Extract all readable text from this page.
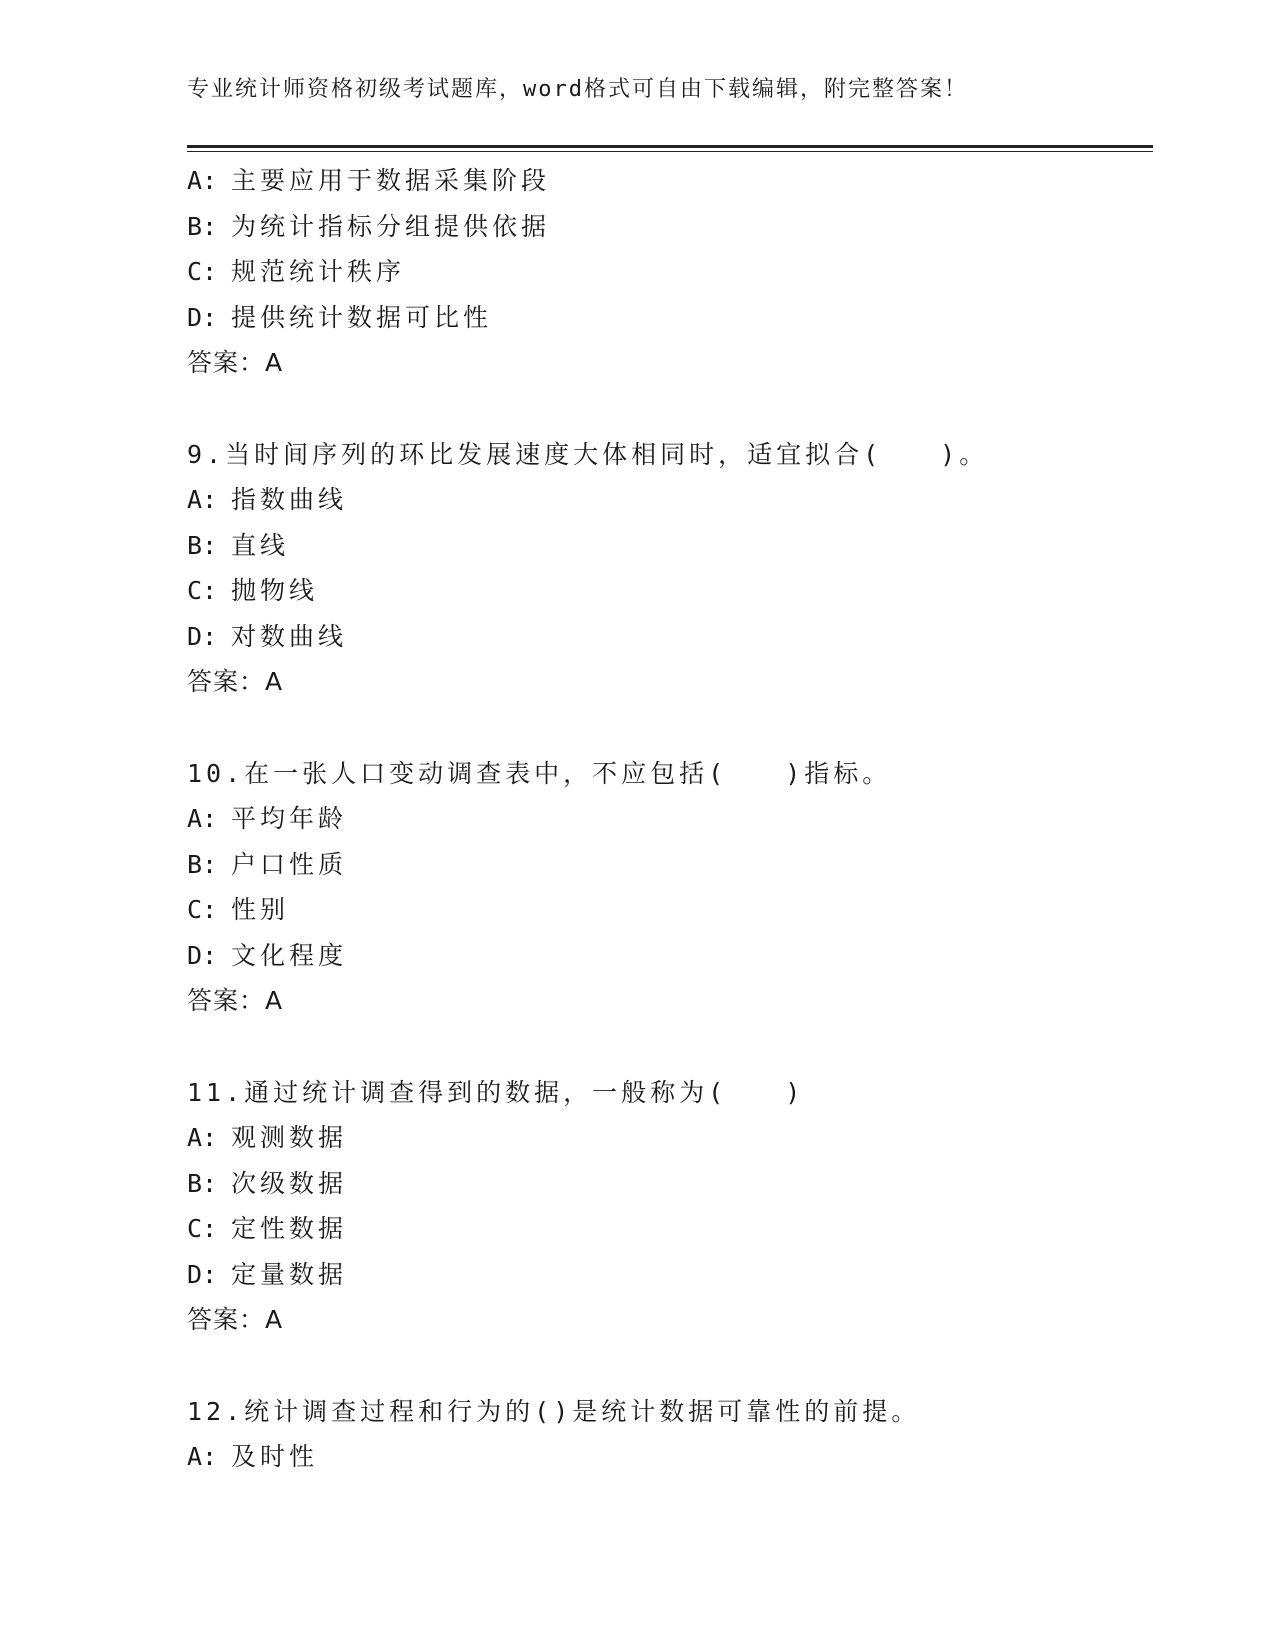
专业统计师资格初级考试题库，word格式可自由下载编辑，附完整答案！
A: 主要应用于数据采集阶段
B: 为统计指标分组提供依据
C: 规范统计秩序
D: 提供统计数据可比性
答案：A
9.当时间序列的环比发展速度大体相同时，适宜拟合(　　)。
A: 指数曲线
B: 直线
C: 抛物线
D: 对数曲线
答案：A
10.在一张人口变动调查表中，不应包括(　　)指标。
A: 平均年龄
B: 户口性质
C: 性别
D: 文化程度
答案：A
11.通过统计调查得到的数据，一般称为(　　)
A: 观测数据
B: 次级数据
C: 定性数据
D: 定量数据
答案：A
12.统计调查过程和行为的()是统计数据可靠性的前提。
A: 及时性
